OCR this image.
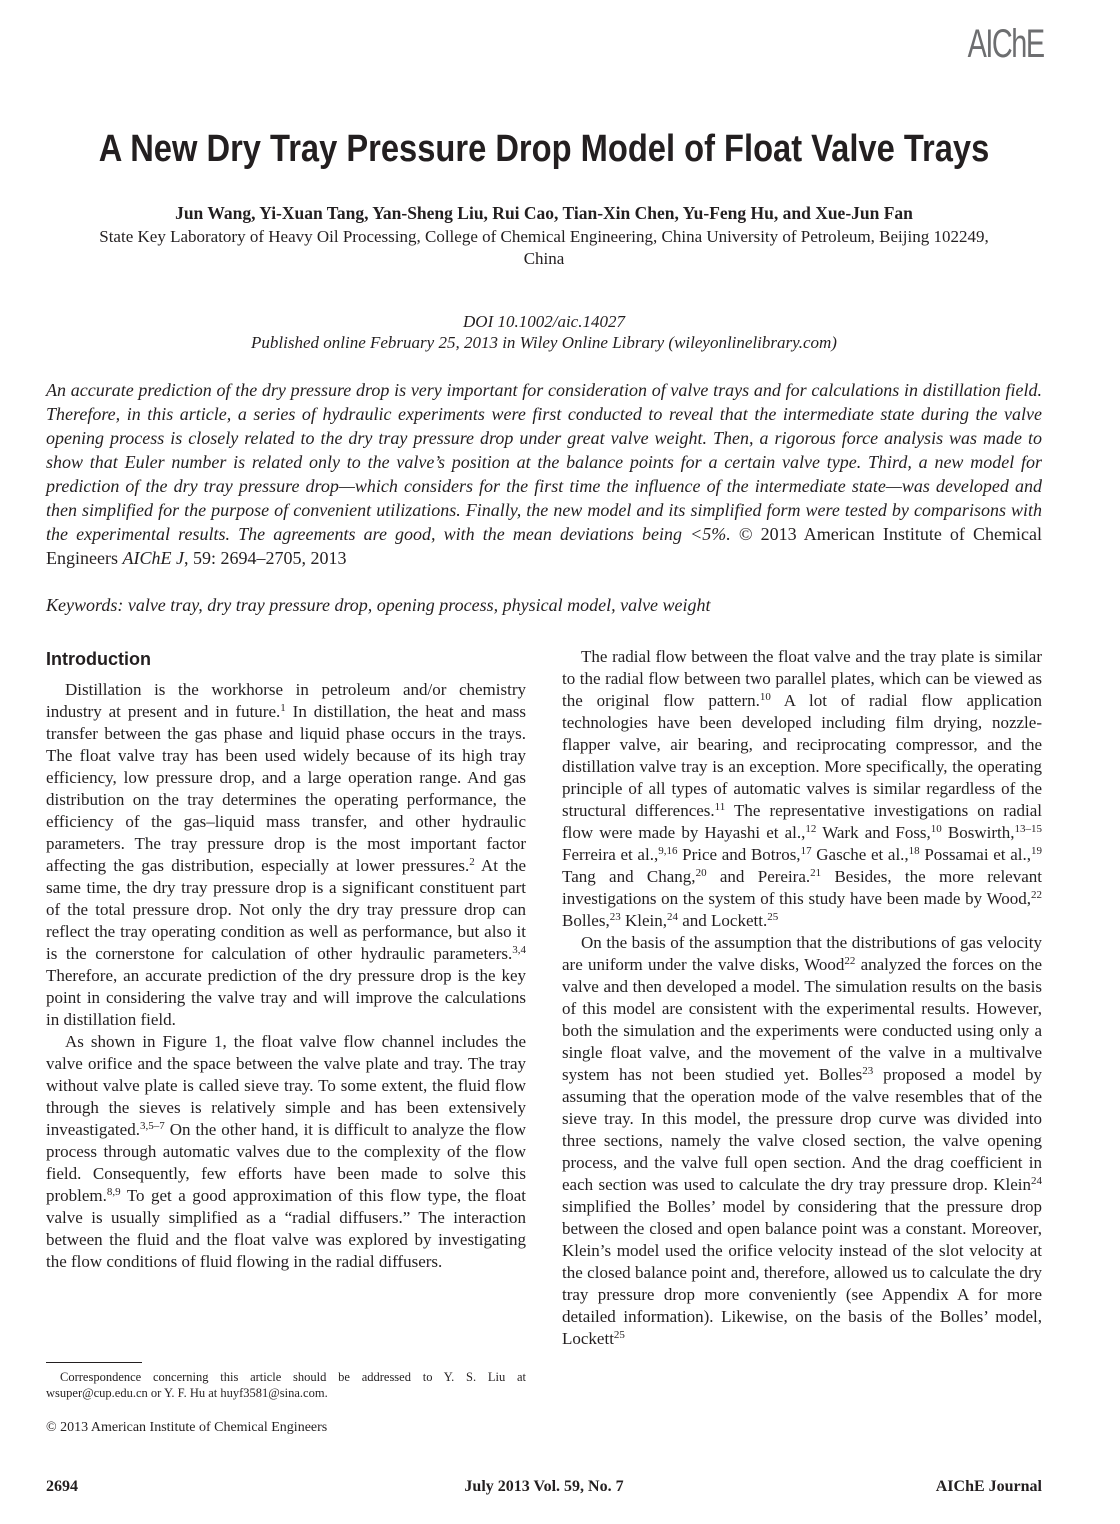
AIChE
A New Dry Tray Pressure Drop Model of Float Valve Trays
Jun Wang, Yi-Xuan Tang, Yan-Sheng Liu, Rui Cao, Tian-Xin Chen, Yu-Feng Hu, and Xue-Jun Fan
State Key Laboratory of Heavy Oil Processing, College of Chemical Engineering, China University of Petroleum, Beijing 102249, China
DOI 10.1002/aic.14027
Published online February 25, 2013 in Wiley Online Library (wileyonlinelibrary.com)
An accurate prediction of the dry pressure drop is very important for consideration of valve trays and for calculations in distillation field. Therefore, in this article, a series of hydraulic experiments were first conducted to reveal that the intermediate state during the valve opening process is closely related to the dry tray pressure drop under great valve weight. Then, a rigorous force analysis was made to show that Euler number is related only to the valve’s position at the balance points for a certain valve type. Third, a new model for prediction of the dry tray pressure drop—which considers for the first time the influence of the intermediate state—was developed and then simplified for the purpose of convenient utilizations. Finally, the new model and its simplified form were tested by comparisons with the experimental results. The agreements are good, with the mean deviations being <5%. © 2013 American Institute of Chemical Engineers AIChE J, 59: 2694–2705, 2013
Keywords: valve tray, dry tray pressure drop, opening process, physical model, valve weight
Introduction

Distillation is the workhorse in petroleum and/or chemistry industry at present and in future.$^1$ In distillation, the heat and mass transfer between the gas phase and liquid phase occurs in the trays. The float valve tray has been used widely because of its high tray efficiency, low pressure drop, and a large operation range. And gas distribution on the tray determines the operating performance, the efficiency of the gas–liquid mass transfer, and other hydraulic parameters. The tray pressure drop is the most important factor affecting the gas distribution, especially at lower pressures.$^2$ At the same time, the dry tray pressure drop is a significant constituent part of the total pressure drop. Not only the dry tray pressure drop can reflect the tray operating condition as well as performance, but also it is the cornerstone for calculation of other hydraulic parameters.$^{3,4}$ Therefore, an accurate prediction of the dry pressure drop is the key point in considering the valve tray and will improve the calculations in distillation field.

As shown in Figure 1, the float valve flow channel includes the valve orifice and the space between the valve plate and tray. The tray without valve plate is called sieve tray. To some extent, the fluid flow through the sieves is relatively simple and has been extensively inveastigated.$^{3,5-7}$ On the other hand, it is difficult to analyze the flow process through automatic valves due to the complexity of the flow field. Consequently, few efforts have been made to solve this problem.$^{8,9}$ To get a good approximation of this flow type, the float valve is usually simplified as a “radial diffusers.” The interaction between the fluid and the float valve was explored by investigating the flow conditions of fluid flowing in the radial diffusers.

The radial flow between the float valve and the tray plate is similar to the radial flow between two parallel plates, which can be viewed as the original flow pattern.$^{10}$ A lot of radial flow application technologies have been developed including film drying, nozzle-flapper valve, air bearing, and reciprocating compressor, and the distillation valve tray is an exception. More specifically, the operating principle of all types of automatic valves is similar regardless of the structural differences.$^{11}$ The representative investigations on radial flow were made by Hayashi et al.,$^{12}$ Wark and Foss,$^{10}$ Boswirth,$^{13-15}$ Ferreira et al.,$^{9,16}$ Price and Botros,$^{17}$ Gasche et al.,$^{18}$ Possamai et al.,$^{19}$ Tang and Chang,$^{20}$ and Pereira.$^{21}$ Besides, the more relevant investigations on the system of this study have been made by Wood,$^{22}$ Bolles,$^{23}$ Klein,$^{24}$ and Lockett.$^{25}$

On the basis of the assumption that the distributions of gas velocity are uniform under the valve disks, Wood$^{22}$ analyzed the forces on the valve and then developed a model. The simulation results on the basis of this model are consistent with the experimental results. However, both the simulation and the experiments were conducted using only a single float valve, and the movement of the valve in a multivalve system has not been studied yet. Bolles$^{23}$ proposed a model by assuming that the operation mode of the valve resembles that of the sieve tray. In this model, the pressure drop curve was divided into three sections, namely the valve closed section, the valve opening process, and the valve full open section. And the drag coefficient in each section was used to calculate the dry tray pressure drop. Klein$^{24}$ simplified the Bolles’ model by considering that the pressure drop between the closed and open balance point was a constant. Moreover, Klein’s model used the orifice velocity instead of the slot velocity at the closed balance point and, therefore, allowed us to calculate the dry tray pressure drop more conveniently (see Appendix A for more detailed information). Likewise, on the basis of the Bolles’ model, Lockett$^{25}$

Correspondence concerning this article should be addressed to Y. S. Liu at wsuper@cup.edu.cn or Y. F. Hu at huyf3581@sina.com.
© 2013 American Institute of Chemical Engineers
2694	July 2013 Vol. 59, No. 7	AIChE Journal
